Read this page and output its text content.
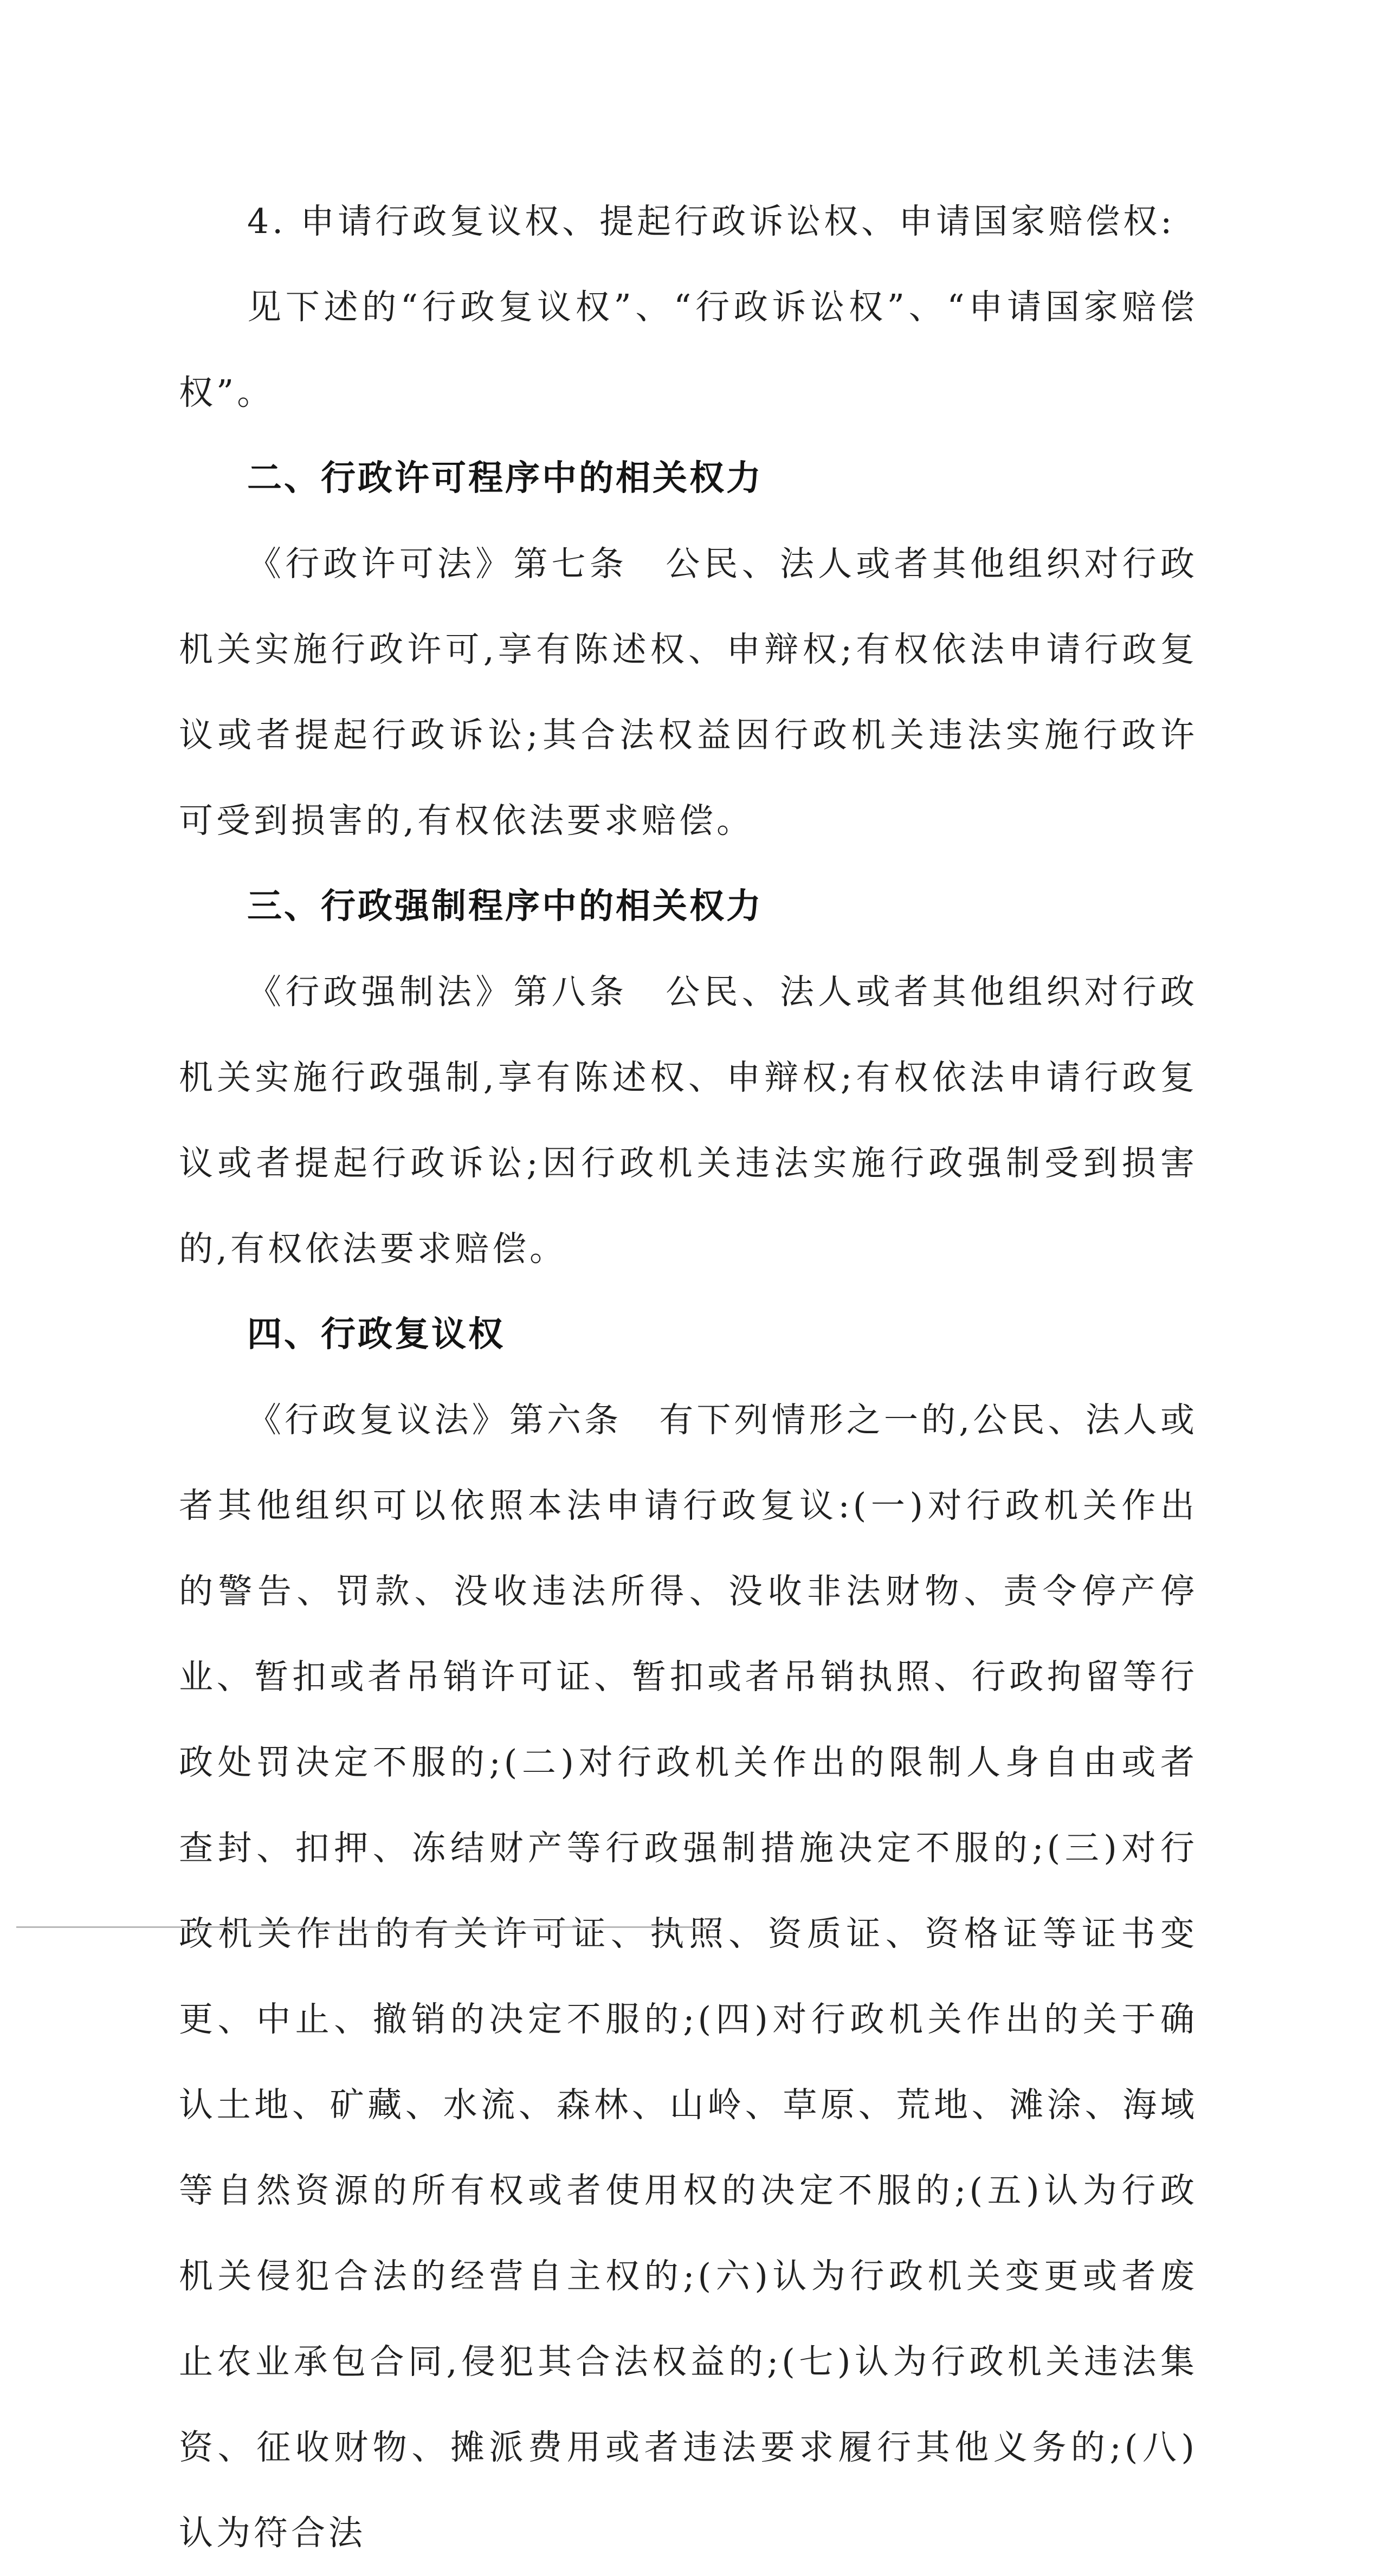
4. 申请行政复议权、提起行政诉讼权、申请国家赔偿权:

见下述的“行政复议权”、“行政诉讼权”、“申请国家赔偿权”。

二、行政许可程序中的相关权力

《行政许可法》第七条　公民、法人或者其他组织对行政机关实施行政许可,享有陈述权、申辩权;有权依法申请行政复议或者提起行政诉讼;其合法权益因行政机关违法实施行政许可受到损害的,有权依法要求赔偿。

三、行政强制程序中的相关权力

《行政强制法》第八条　公民、法人或者其他组织对行政机关实施行政强制,享有陈述权、申辩权;有权依法申请行政复议或者提起行政诉讼;因行政机关违法实施行政强制受到损害的,有权依法要求赔偿。

四、行政复议权

《行政复议法》第六条　有下列情形之一的,公民、法人或者其他组织可以依照本法申请行政复议:(一)对行政机关作出的警告、罚款、没收违法所得、没收非法财物、责令停产停业、暂扣或者吊销许可证、暂扣或者吊销执照、行政拘留等行政处罚决定不服的;(二)对行政机关作出的限制人身自由或者查封、扣押、冻结财产等行政强制措施决定不服的;(三)对行政机关作出的有关许可证、执照、资质证、资格证等证书变更、中止、撤销的决定不服的;(四)对行政机关作出的关于确认土地、矿藏、水流、森林、山岭、草原、荒地、滩涂、海域等自然资源的所有权或者使用权的决定不服的;(五)认为行政机关侵犯合法的经营自主权的;(六)认为行政机关变更或者废止农业承包合同,侵犯其合法权益的;(七)认为行政机关违法集资、征收财物、摊派费用或者违法要求履行其他义务的;(八)认为符合法
